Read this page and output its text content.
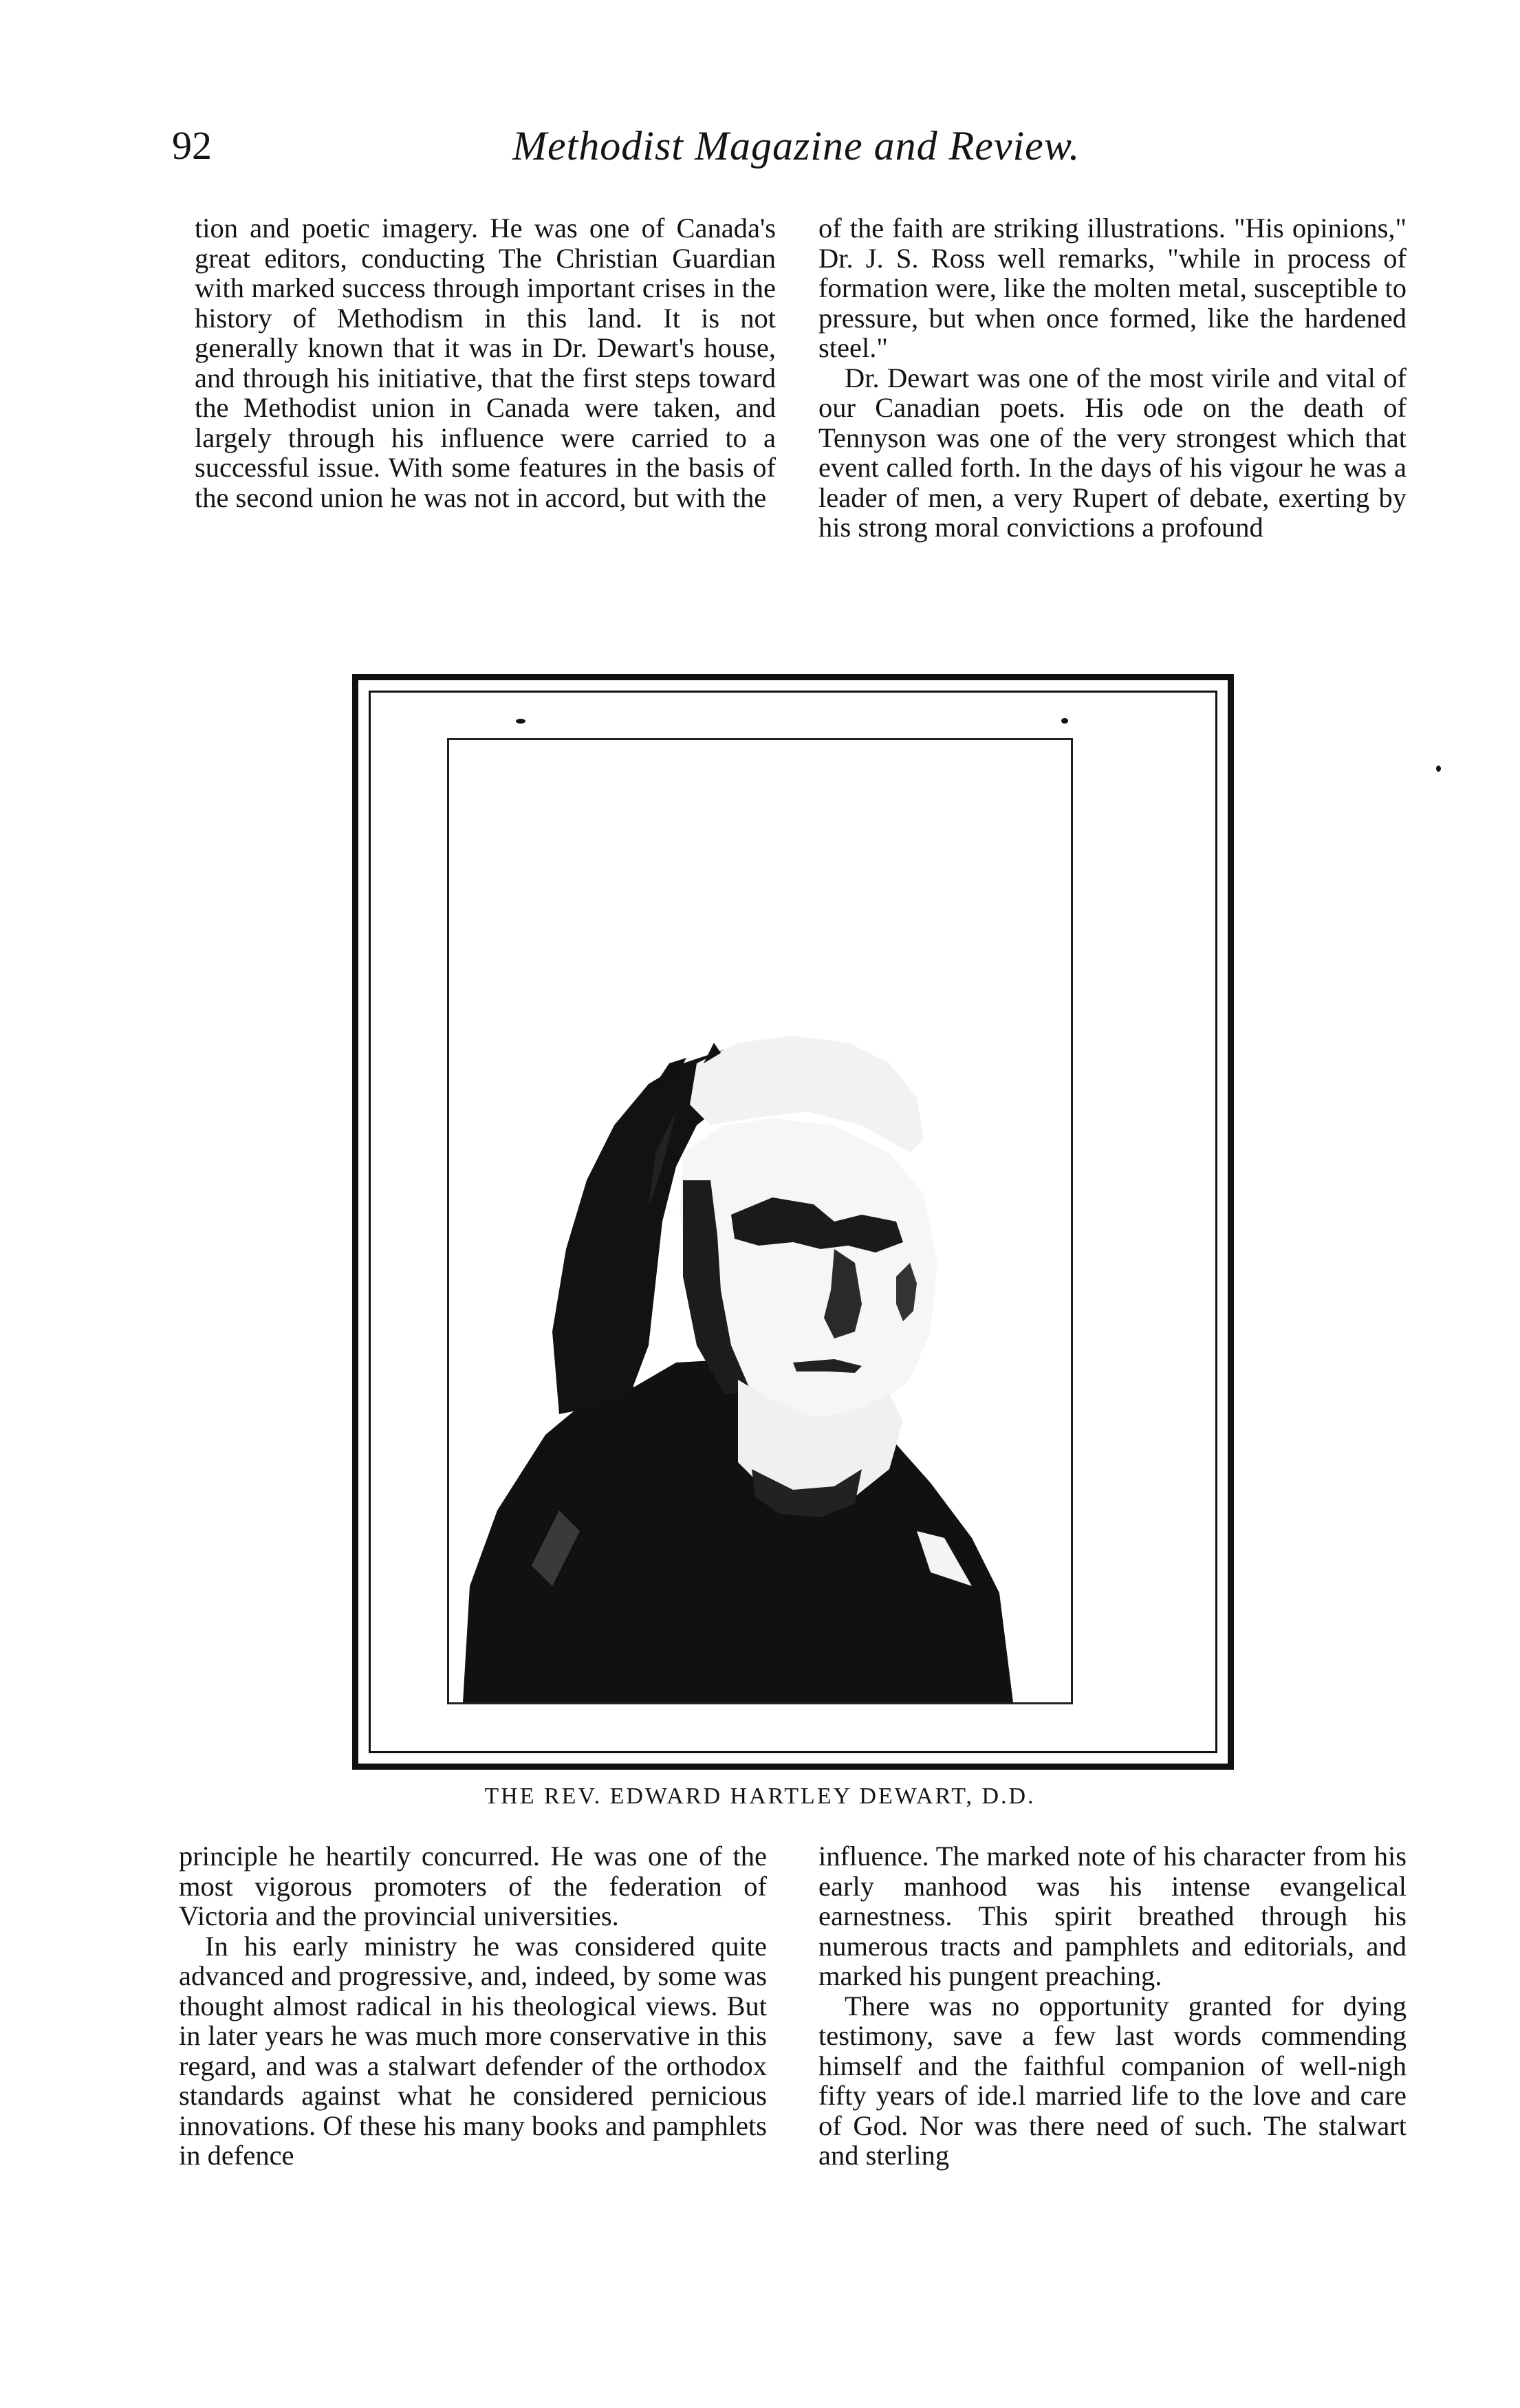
92	Methodist Magazine and Review.

tion and poetic imagery. He was one of Canada's great editors, conducting The Christian Guardian with marked success through important crises in the history of Methodism in this land. It is not generally known that it was in Dr. Dewart's house, and through his initiative, that the first steps toward the Methodist union in Canada were taken, and largely through his influence were carried to a successful issue. With some features in the basis of the second union he was not in accord, but with the

of the faith are striking illustrations. "His opinions," Dr. J. S. Ross well remarks, "while in process of formation were, like the molten metal, susceptible to pressure, but when once formed, like the hardened steel."

Dr. Dewart was one of the most virile and vital of our Canadian poets. His ode on the death of Tennyson was one of the very strongest which that event called forth. In the days of his vigour he was a leader of men, a very Rupert of debate, exerting by his strong moral convictions a profound

THE REV. EDWARD HARTLEY DEWART, D.D.

principle he heartily concurred. He was one of the most vigorous promoters of the federation of Victoria and the provincial universities.

In his early ministry he was considered quite advanced and progressive, and, indeed, by some was thought almost radical in his theological views. But in later years he was much more conservative in this regard, and was a stalwart defender of the orthodox standards against what he considered pernicious innovations. Of these his many books and pamphlets in defence

influence. The marked note of his character from his early manhood was his intense evangelical earnestness. This spirit breathed through his numerous tracts and pamphlets and editorials, and marked his pungent preaching.

There was no opportunity granted for dying testimony, save a few last words commending himself and the faithful companion of well-nigh fifty years of ide.l married life to the love and care of God. Nor was there need of such. The stalwart and sterling
